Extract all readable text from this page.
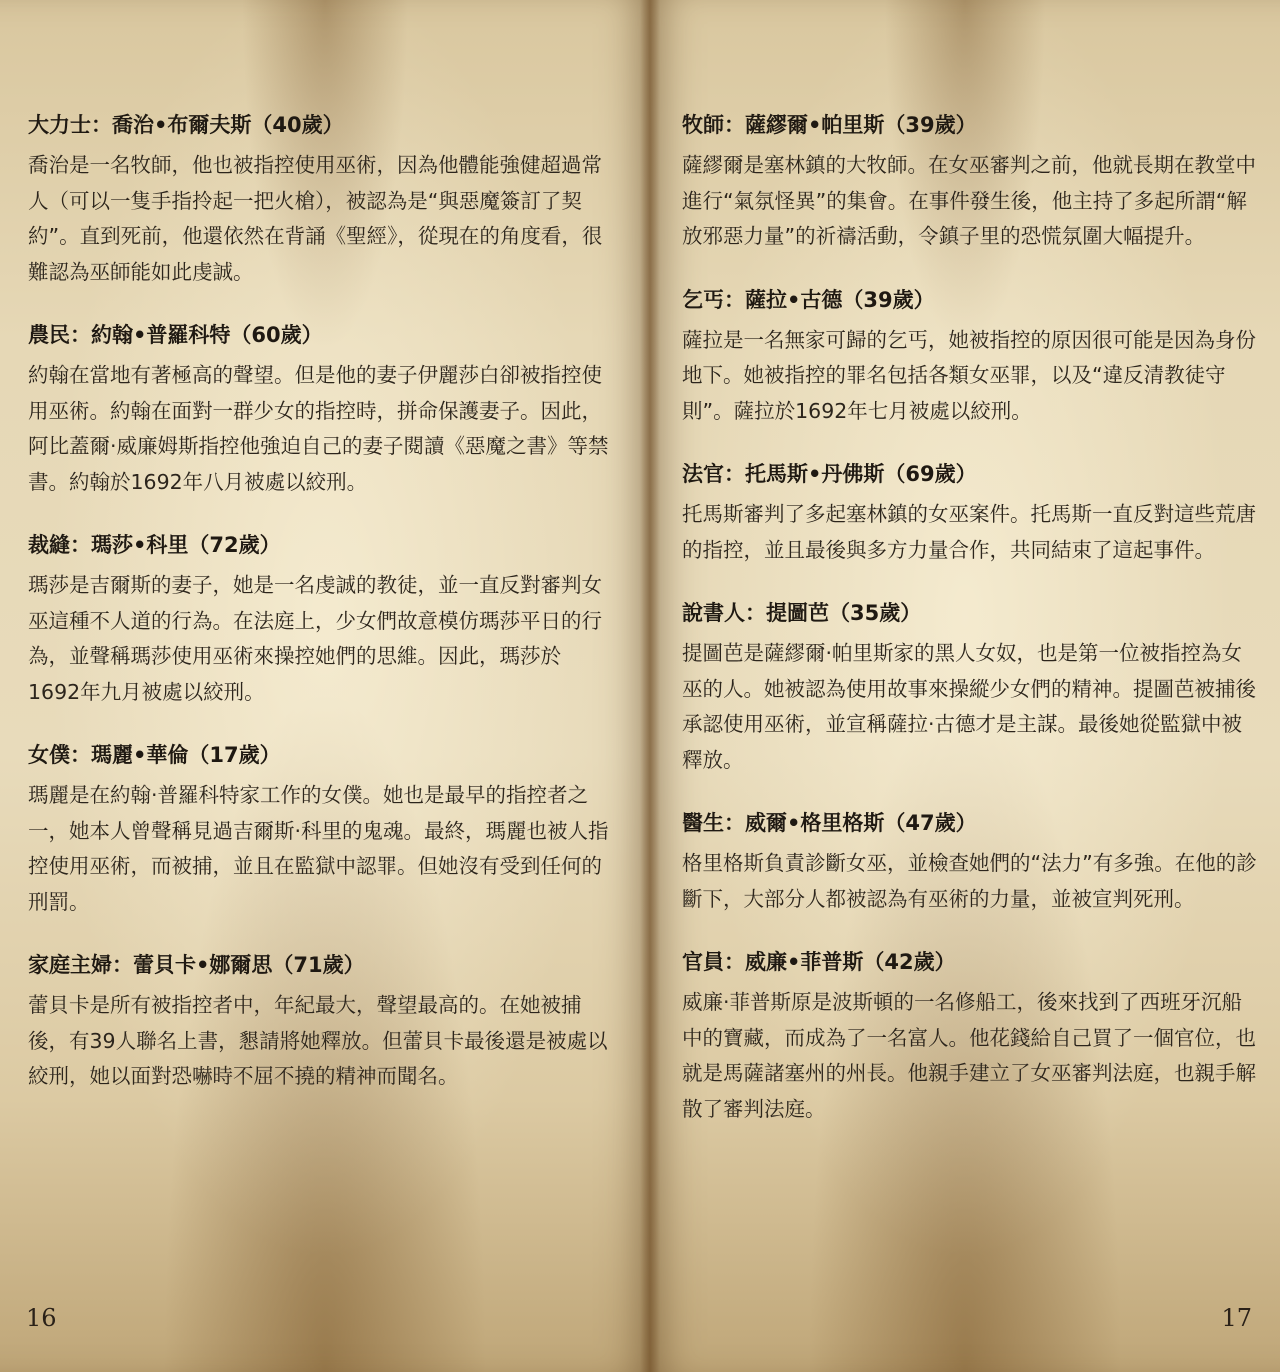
大力士：喬治•布爾夫斯（40歲）

喬治是一名牧師，他也被指控使用巫術，因為他體能強健超過常人（可以一隻手指拎起一把火槍），被認為是“與惡魔簽訂了契約”。直到死前，他還依然在背誦《聖經》，從現在的角度看，很難認為巫師能如此虔誠。

農民：約翰•普羅科特（60歲）

約翰在當地有著極高的聲望。但是他的妻子伊麗莎白卻被指控使用巫術。約翰在面對一群少女的指控時，拼命保護妻子。因此，阿比蓋爾·威廉姆斯指控他強迫自己的妻子閱讀《惡魔之書》等禁書。約翰於1692年八月被處以絞刑。

裁縫：瑪莎•科里（72歲）

瑪莎是吉爾斯的妻子，她是一名虔誠的教徒，並一直反對審判女巫這種不人道的行為。在法庭上，少女們故意模仿瑪莎平日的行為，並聲稱瑪莎使用巫術來操控她們的思維。因此，瑪莎於1692年九月被處以絞刑。

女僕：瑪麗•華倫（17歲）

瑪麗是在約翰·普羅科特家工作的女僕。她也是最早的指控者之一，她本人曾聲稱見過吉爾斯·科里的鬼魂。最終，瑪麗也被人指控使用巫術，而被捕，並且在監獄中認罪。但她沒有受到任何的刑罰。

家庭主婦：蕾貝卡•娜爾思（71歲）

蕾貝卡是所有被指控者中，年紀最大，聲望最高的。在她被捕後，有39人聯名上書，懇請將她釋放。但蕾貝卡最後還是被處以絞刑，她以面對恐嚇時不屈不撓的精神而聞名。

16
牧師：薩繆爾•帕里斯（39歲）

薩繆爾是塞林鎮的大牧師。在女巫審判之前，他就長期在教堂中進行“氣氛怪異”的集會。在事件發生後，他主持了多起所謂“解放邪惡力量”的祈禱活動，令鎮子里的恐慌氛圍大幅提升。

乞丐：薩拉•古德（39歲）

薩拉是一名無家可歸的乞丐，她被指控的原因很可能是因為身份地下。她被指控的罪名包括各類女巫罪，以及“違反清教徒守則”。薩拉於1692年七月被處以絞刑。

法官：托馬斯•丹佛斯（69歲）

托馬斯審判了多起塞林鎮的女巫案件。托馬斯一直反對這些荒唐的指控，並且最後與多方力量合作，共同結束了這起事件。

說書人：提圖芭（35歲）

提圖芭是薩繆爾·帕里斯家的黑人女奴，也是第一位被指控為女巫的人。她被認為使用故事來操縱少女們的精神。提圖芭被捕後承認使用巫術，並宣稱薩拉·古德才是主謀。最後她從監獄中被釋放。

醫生：威爾•格里格斯（47歲）

格里格斯負責診斷女巫，並檢查她們的“法力”有多強。在他的診斷下，大部分人都被認為有巫術的力量，並被宣判死刑。

官員：威廉•菲普斯（42歲）

威廉·菲普斯原是波斯頓的一名修船工，後來找到了西班牙沉船中的寶藏，而成為了一名富人。他花錢給自己買了一個官位，也就是馬薩諸塞州的州長。他親手建立了女巫審判法庭，也親手解散了審判法庭。

17
